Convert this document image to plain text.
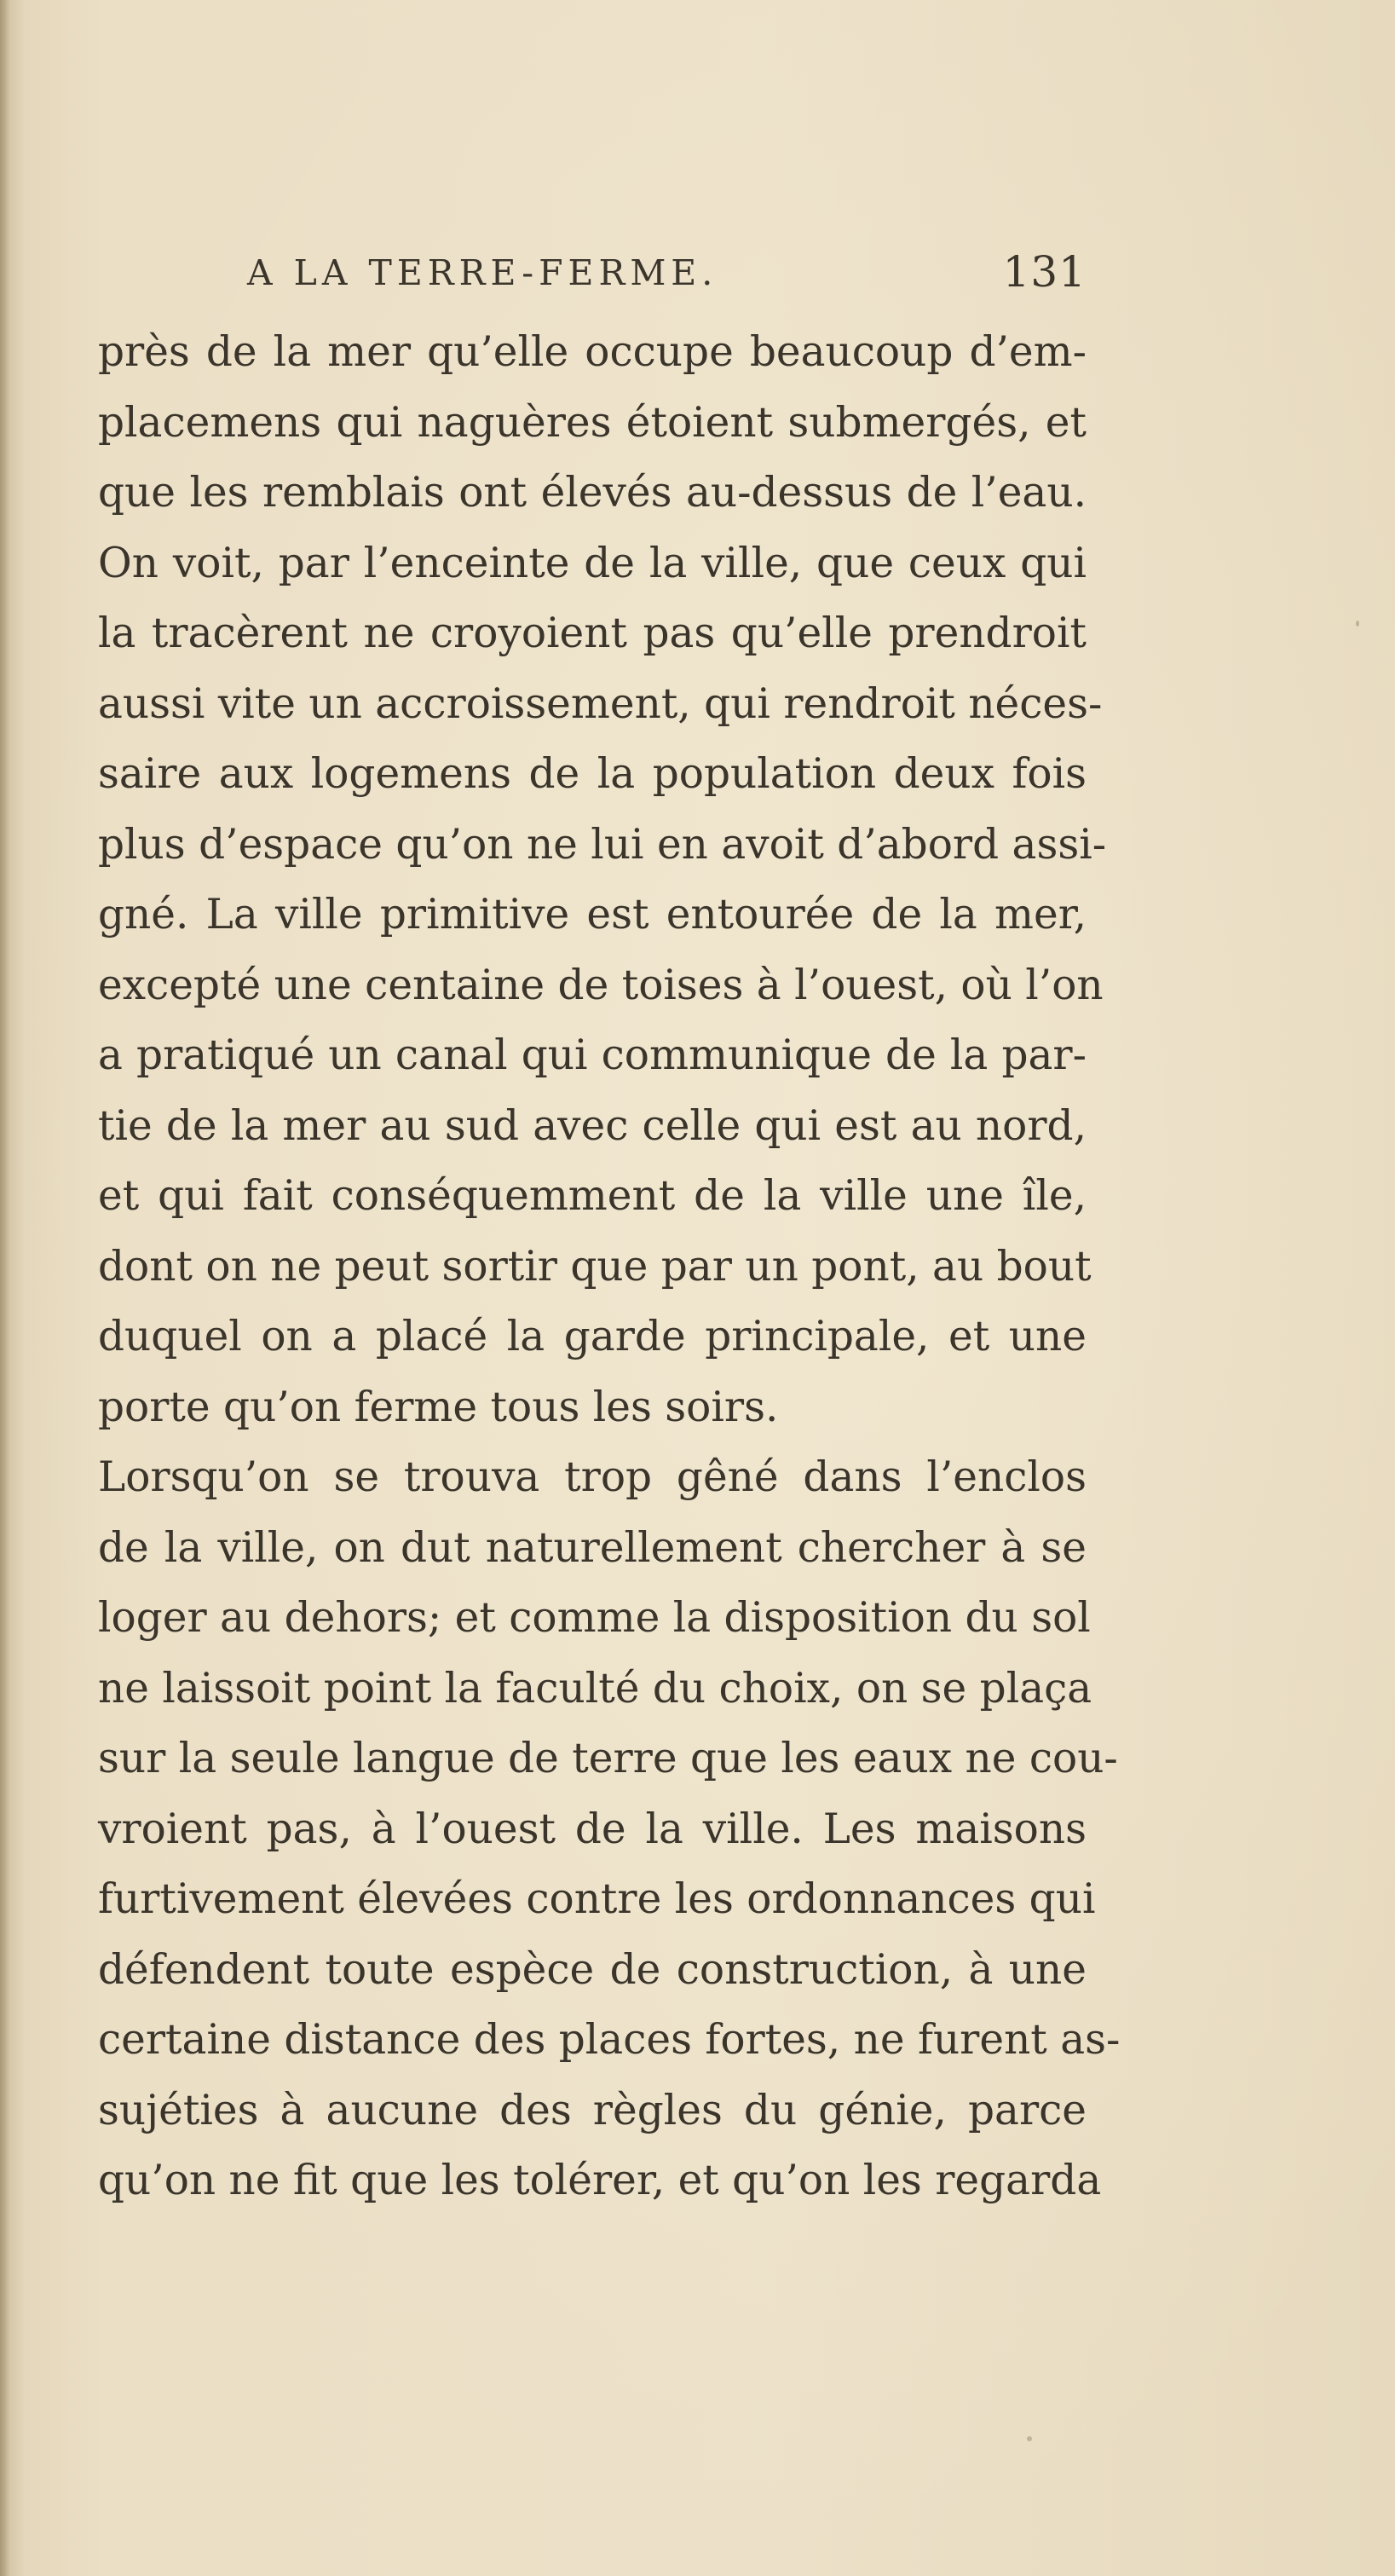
A LA TERRE-FERME.	131
près de la mer qu’elle occupe beaucoup d’em-
placemens qui naguères étoient submergés, et
que les remblais ont élevés au-dessus de l’eau.
On voit, par l’enceinte de la ville, que ceux qui
la tracèrent ne croyoient pas qu’elle prendroit
aussi vite un accroissement, qui rendroit néces-
saire aux logemens de la population deux fois
plus d’espace qu’on ne lui en avoit d’abord assi-
gné. La ville primitive est entourée de la mer,
excepté une centaine de toises à l’ouest, où l’on
a pratiqué un canal qui communique de la par-
tie de la mer au sud avec celle qui est au nord,
et qui fait conséquemment de la ville une île,
dont on ne peut sortir que par un pont, au bout
duquel on a placé la garde principale, et une
porte qu’on ferme tous les soirs.
Lorsqu’on se trouva trop gêné dans l’enclos
de la ville, on dut naturellement chercher à se
loger au dehors; et comme la disposition du sol
ne laissoit point la faculté du choix, on se plaça
sur la seule langue de terre que les eaux ne cou-
vroient pas, à l’ouest de la ville. Les maisons
furtivement élevées contre les ordonnances qui
défendent toute espèce de construction, à une
certaine distance des places fortes, ne furent as-
sujéties à aucune des règles du génie, parce
qu’on ne fit que les tolérer, et qu’on les regarda
